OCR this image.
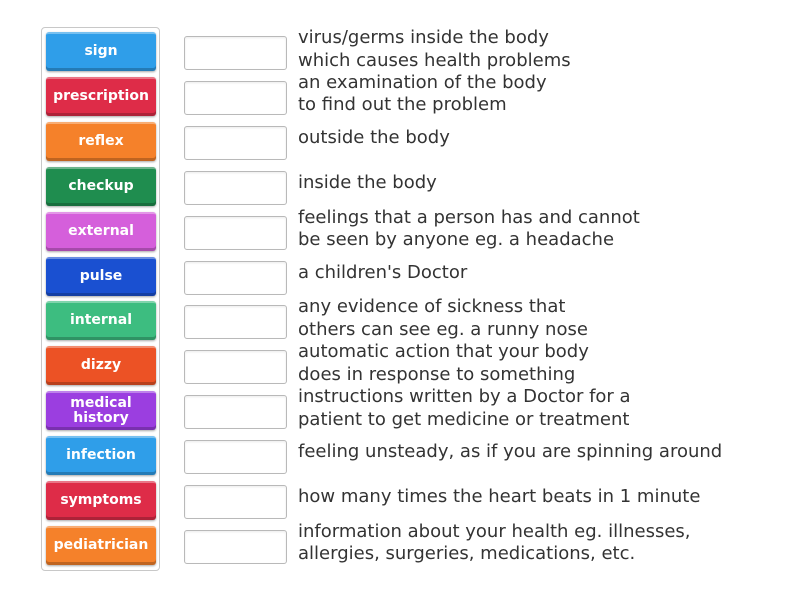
sign
prescription
reflex
checkup
external
pulse
internal
dizzy
medical history
infection
symptoms
pediatrician
virus/germs inside the body
which causes health problems
an examination of the body
to find out the problem
outside the body
inside the body
feelings that a person has and cannot
be seen by anyone eg. a headache
a children's Doctor
any evidence of sickness that
others can see eg. a runny nose
automatic action that your body
does in response to something
instructions written by a Doctor for a
patient to get medicine or treatment
feeling unsteady, as if you are spinning around
how many times the heart beats in 1 minute
information about your health eg. illnesses,
allergies, surgeries, medications, etc.
